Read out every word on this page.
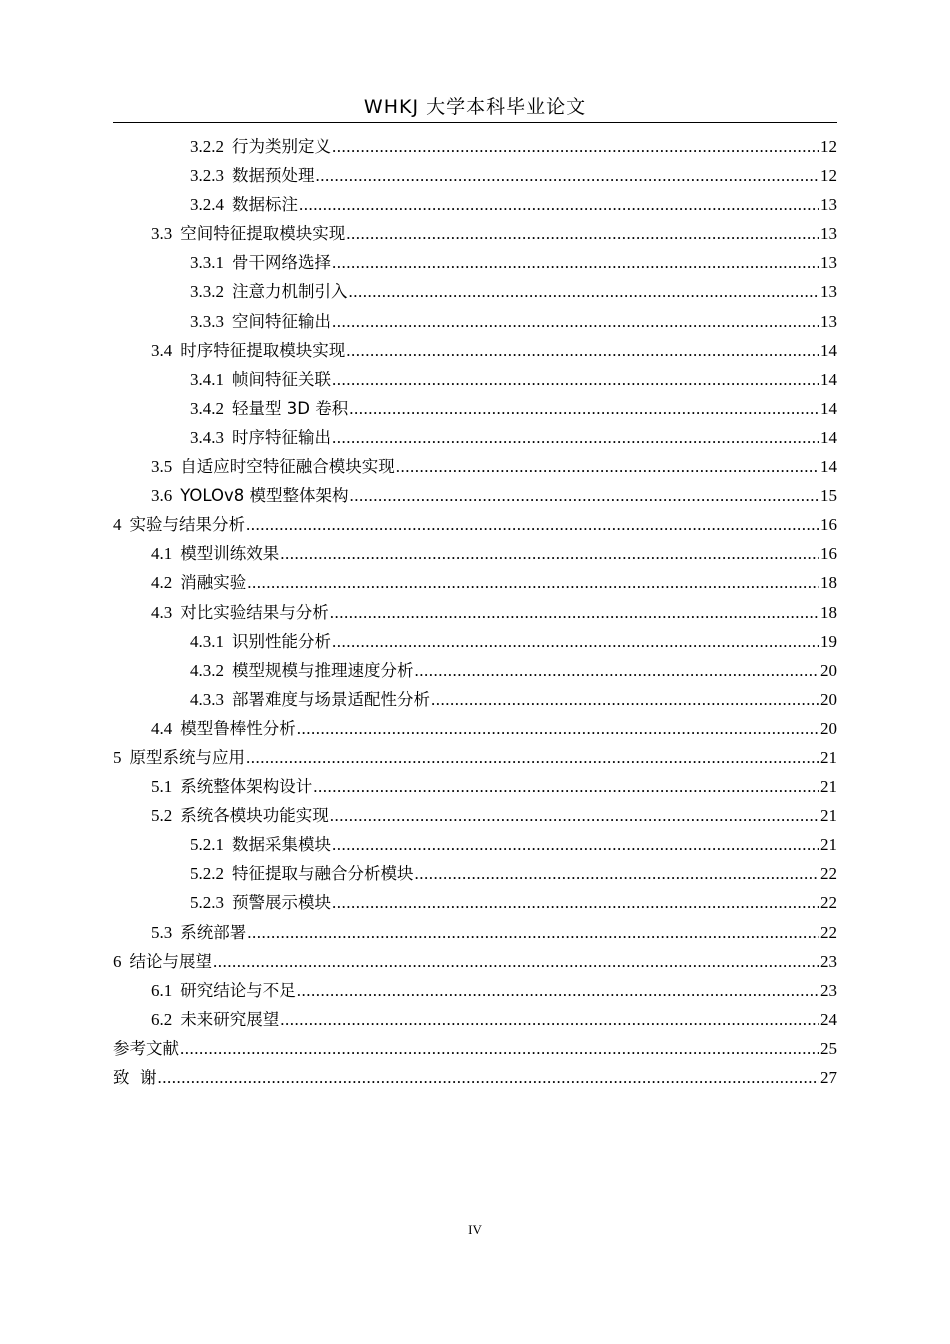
WHKJ 大学本科毕业论文
3.2.2 行为类别定义 .....	12
3.2.3 数据预处理 .....	12
3.2.4 数据标注 .....	13
3.3 空间特征提取模块实现 .....	13
3.3.1 骨干网络选择 .....	13
3.3.2 注意力机制引入 .....	13
3.3.3 空间特征输出 .....	13
3.4 时序特征提取模块实现 .....	14
3.4.1 帧间特征关联 .....	14
3.4.2 轻量型 3D 卷积 .....	14
3.4.3 时序特征输出 .....	14
3.5 自适应时空特征融合模块实现 .....	14
3.6 YOLOv8 模型整体架构 .....	15
4 实验与结果分析 .....	16
4.1 模型训练效果 .....	16
4.2 消融实验 .....	18
4.3 对比实验结果与分析 .....	18
4.3.1 识别性能分析 .....	19
4.3.2 模型规模与推理速度分析 .....	20
4.3.3 部署难度与场景适配性分析 .....	20
4.4 模型鲁棒性分析 .....	20
5 原型系统与应用 .....	21
5.1 系统整体架构设计 .....	21
5.2 系统各模块功能实现 .....	21
5.2.1 数据采集模块 .....	21
5.2.2 特征提取与融合分析模块 .....	22
5.2.3 预警展示模块 .....	22
5.3 系统部署 .....	22
6 结论与展望 .....	23
6.1 研究结论与不足 .....	23
6.2 未来研究展望 .....	24
参考文献 .....	25
致  谢 .....	27
IV
